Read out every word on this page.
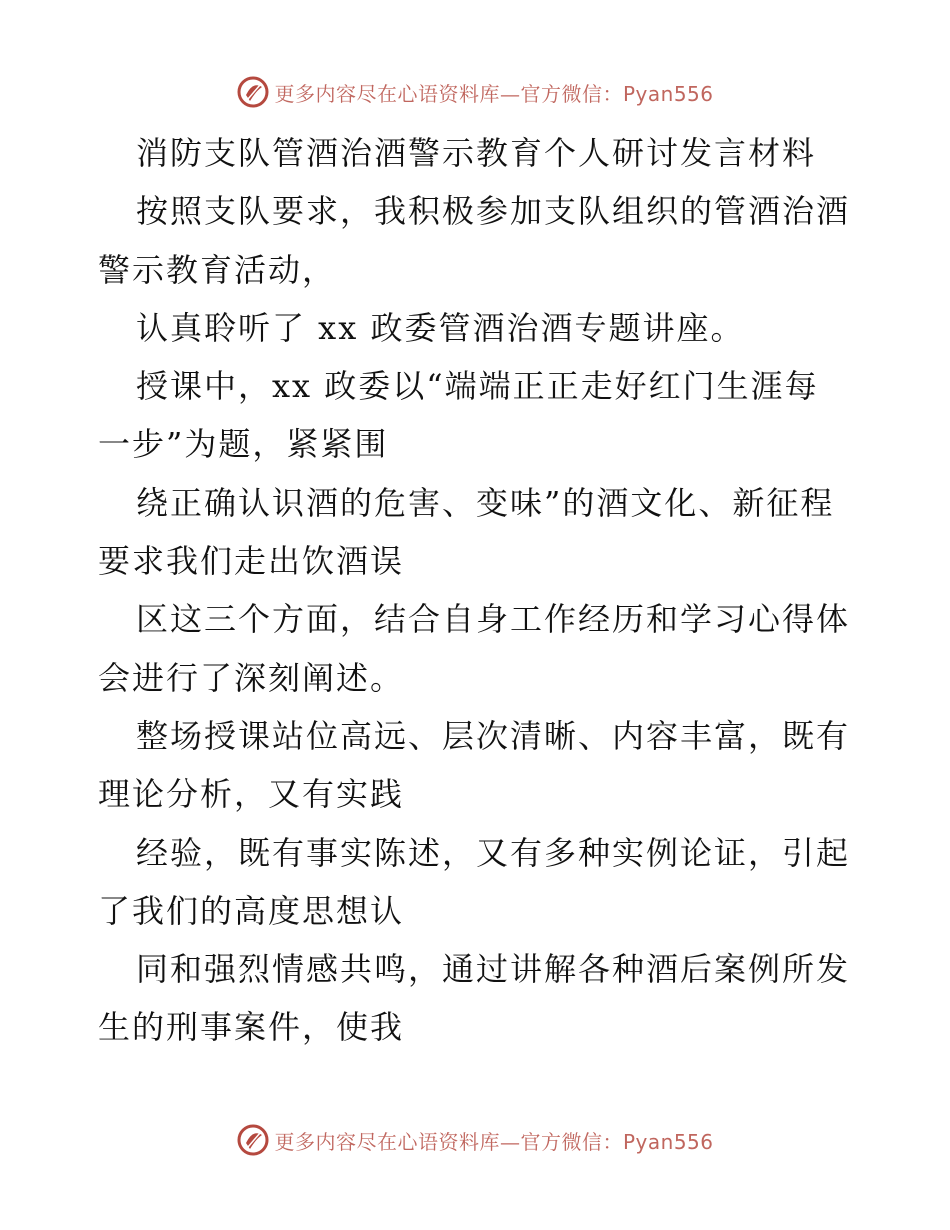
更多内容尽在心语资料库—官方微信：Pyan556
消防支队管酒治酒警示教育个人研讨发言材料
按照支队要求，我积极参加支队组织的管酒治酒
警示教育活动，
认真聆听了 xx 政委管酒治酒专题讲座。
授课中，xx 政委以“端端正正走好红门生涯每
一步”为题，紧紧围
绕正确认识酒的危害、变味”的酒文化、新征程
要求我们走出饮酒误
区这三个方面，结合自身工作经历和学习心得体
会进行了深刻阐述。
整场授课站位高远、层次清晰、内容丰富，既有
理论分析，又有实践
经验，既有事实陈述，又有多种实例论证，引起
了我们的高度思想认
同和强烈情感共鸣，通过讲解各种酒后案例所发
生的刑事案件，使我
更多内容尽在心语资料库—官方微信：Pyan556
